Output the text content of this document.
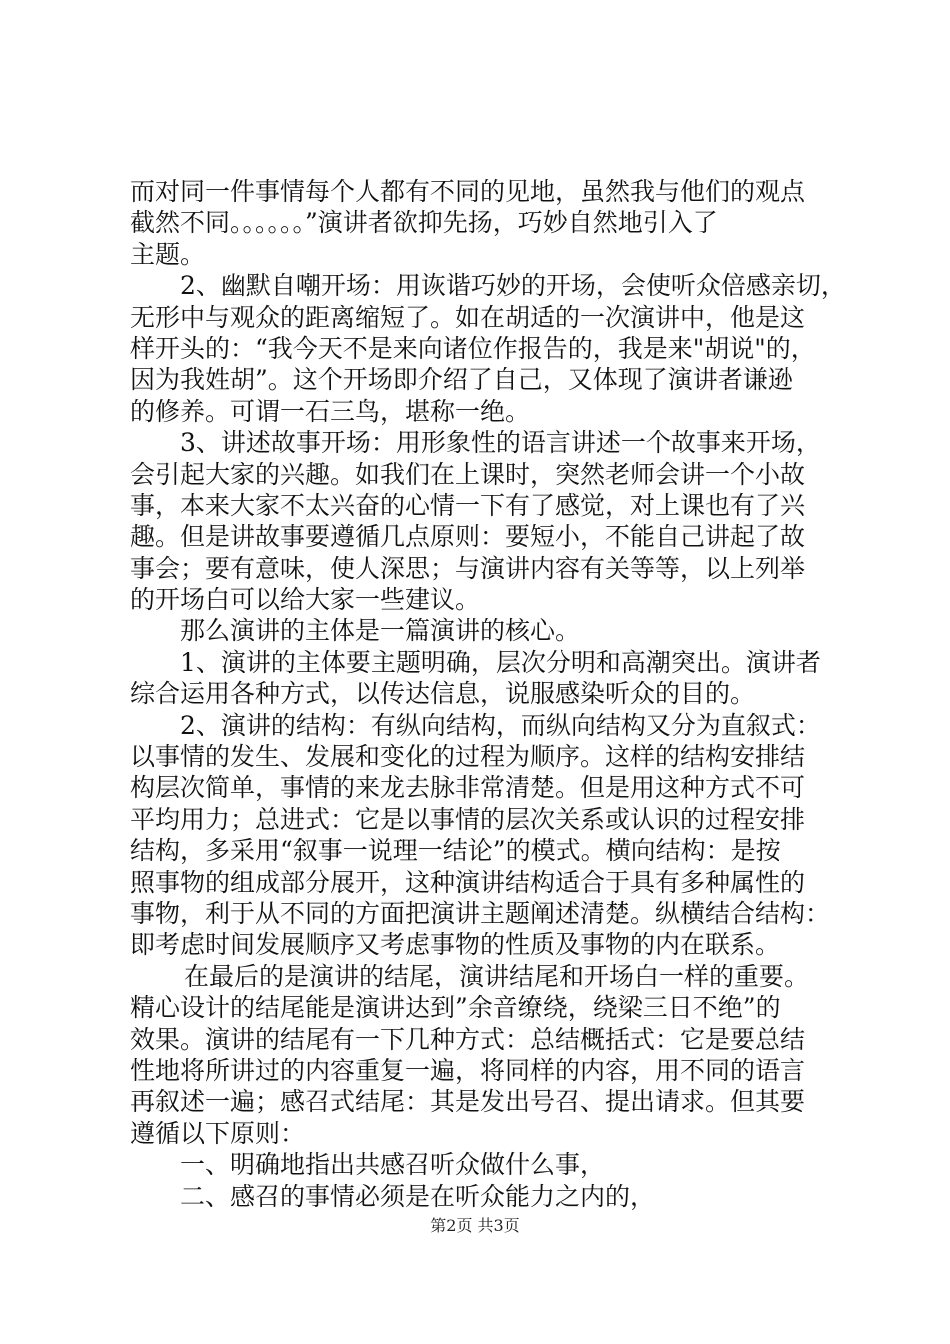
而对同一件事情每个人都有不同的见地，虽然我与他们的观点
截然不同。。。。。。”演讲者欲抑先扬，巧妙自然地引入了
主题。
2、幽默自嘲开场：用诙谐巧妙的开场，会使听众倍感亲切，
无形中与观众的距离缩短了。如在胡适的一次演讲中，他是这
样开头的：“我今天不是来向诸位作报告的，我是来"胡说"的，
因为我姓胡”。这个开场即介绍了自己，又体现了演讲者谦逊
的修养。可谓一石三鸟，堪称一绝。
3、讲述故事开场：用形象性的语言讲述一个故事来开场，
会引起大家的兴趣。如我们在上课时，突然老师会讲一个小故
事，本来大家不太兴奋的心情一下有了感觉，对上课也有了兴
趣。但是讲故事要遵循几点原则：要短小，不能自己讲起了故
事会；要有意味，使人深思；与演讲内容有关等等，以上列举
的开场白可以给大家一些建议。
那么演讲的主体是一篇演讲的核心。
1、演讲的主体要主题明确，层次分明和高潮突出。演讲者
综合运用各种方式，以传达信息，说服感染听众的目的。
2、演讲的结构：有纵向结构，而纵向结构又分为直叙式：
以事情的发生、发展和变化的过程为顺序。这样的结构安排结
构层次简单，事情的来龙去脉非常清楚。但是用这种方式不可
平均用力；总进式：它是以事情的层次关系或认识的过程安排
结构，多采用“叙事一说理一结论”的模式。横向结构：是按
照事物的组成部分展开，这种演讲结构适合于具有多种属性的
事物，利于从不同的方面把演讲主题阐述清楚。纵横结合结构：
即考虑时间发展顺序又考虑事物的性质及事物的内在联系。
在最后的是演讲的结尾，演讲结尾和开场白一样的重要。
精心设计的结尾能是演讲达到”余音缭绕，绕梁三日不绝”的
效果。演讲的结尾有一下几种方式：总结概括式：它是要总结
性地将所讲过的内容重复一遍，将同样的内容，用不同的语言
再叙述一遍；感召式结尾：其是发出号召、提出请求。但其要
遵循以下原则：
一、明确地指出共感召听众做什么事，
二、感召的事情必须是在听众能力之内的，
第2页 共3页
